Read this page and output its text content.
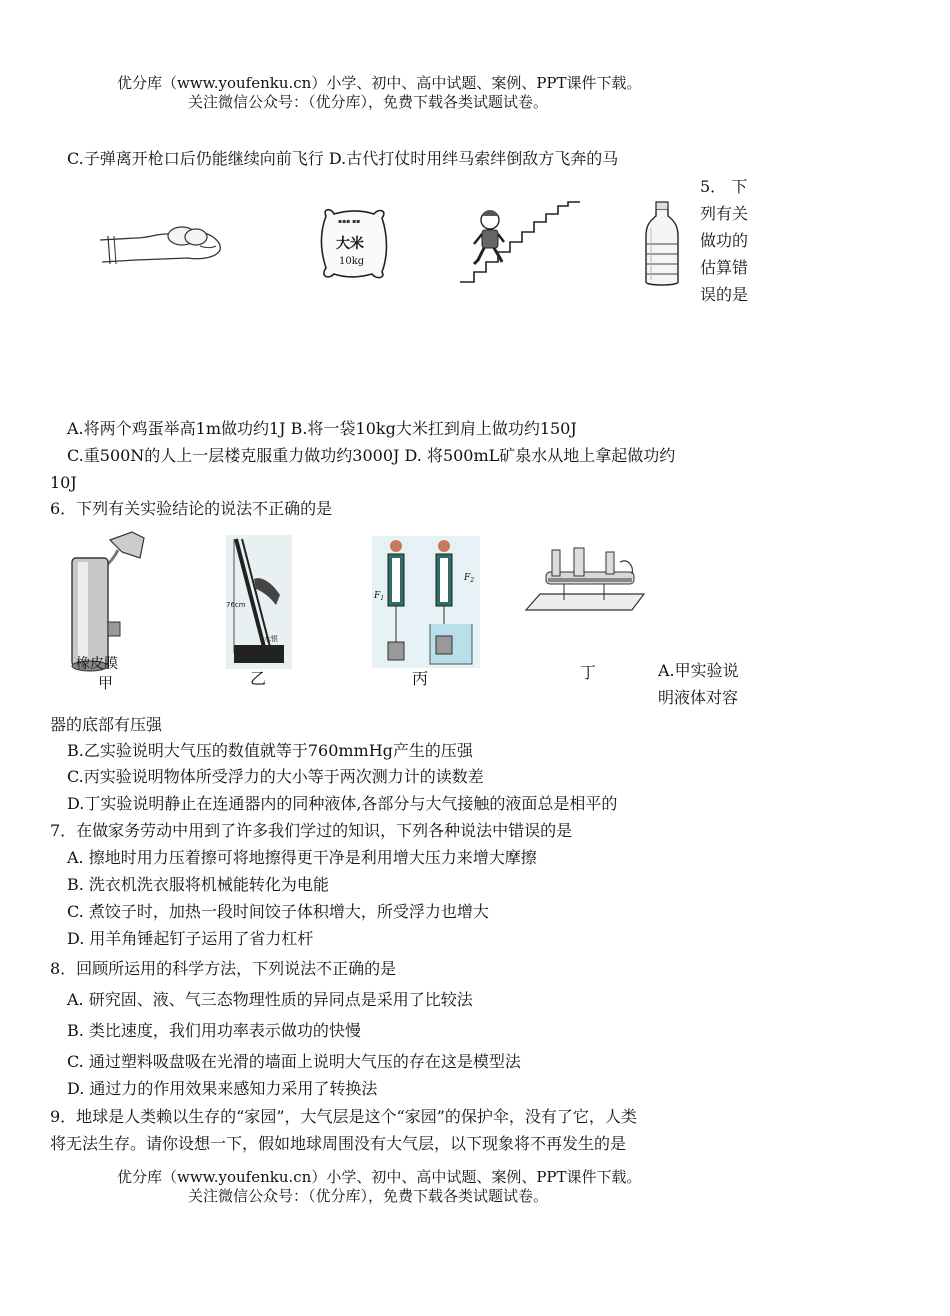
优分库（www.youfenku.cn）小学、初中、高中试题、案例、PPT课件下载。
关注微信公众号：（优分库），免费下载各类试题试卷。
C.子弹离开枪口后仍能继续向前飞行 D.古代打仗时用绊马索绊倒敌方飞奔的马
5． 下
列有关
做功的
估算错
误的是
▪▪▪ ▪▪
大米
10kg
A.将两个鸡蛋举高1m做功约1J B.将一袋10kg大米扛到肩上做功约150J
C.重500N的人上一层楼克服重力做功约3000J D. 将500mL矿泉水从地上拿起做功约
10J
6．下列有关实验结论的说法不正确的是
橡皮膜
甲
76cm
水银
乙
$F_1$
$F_2$
丙	丁	A.甲实验说
明液体对容
器的底部有压强
B.乙实验说明大气压的数值就等于760mmHg产生的压强
C.丙实验说明物体所受浮力的大小等于两次测力计的读数差
D.丁实验说明静止在连通器内的同种液体,各部分与大气接触的液面总是相平的
7．在做家务劳动中用到了许多我们学过的知识，下列各种说法中错误的是
A. 擦地时用力压着擦可将地擦得更干净是利用增大压力来增大摩擦
B. 洗衣机洗衣服将机械能转化为电能
C. 煮饺子时，加热一段时间饺子体积增大，所受浮力也增大
D. 用羊角锤起钉子运用了省力杠杆
8．回顾所运用的科学方法，下列说法不正确的是
A. 研究固、液、气三态物理性质的异同点是采用了比较法
B. 类比速度，我们用功率表示做功的快慢
C. 通过塑料吸盘吸在光滑的墙面上说明大气压的存在这是模型法
D. 通过力的作用效果来感知力采用了转换法
9．地球是人类赖以生存的“家园”，大气层是这个“家园”的保护伞，没有了它，人类
将无法生存。请你设想一下，假如地球周围没有大气层，以下现象将不再发生的是
优分库（www.youfenku.cn）小学、初中、高中试题、案例、PPT课件下载。
关注微信公众号：（优分库），免费下载各类试题试卷。
